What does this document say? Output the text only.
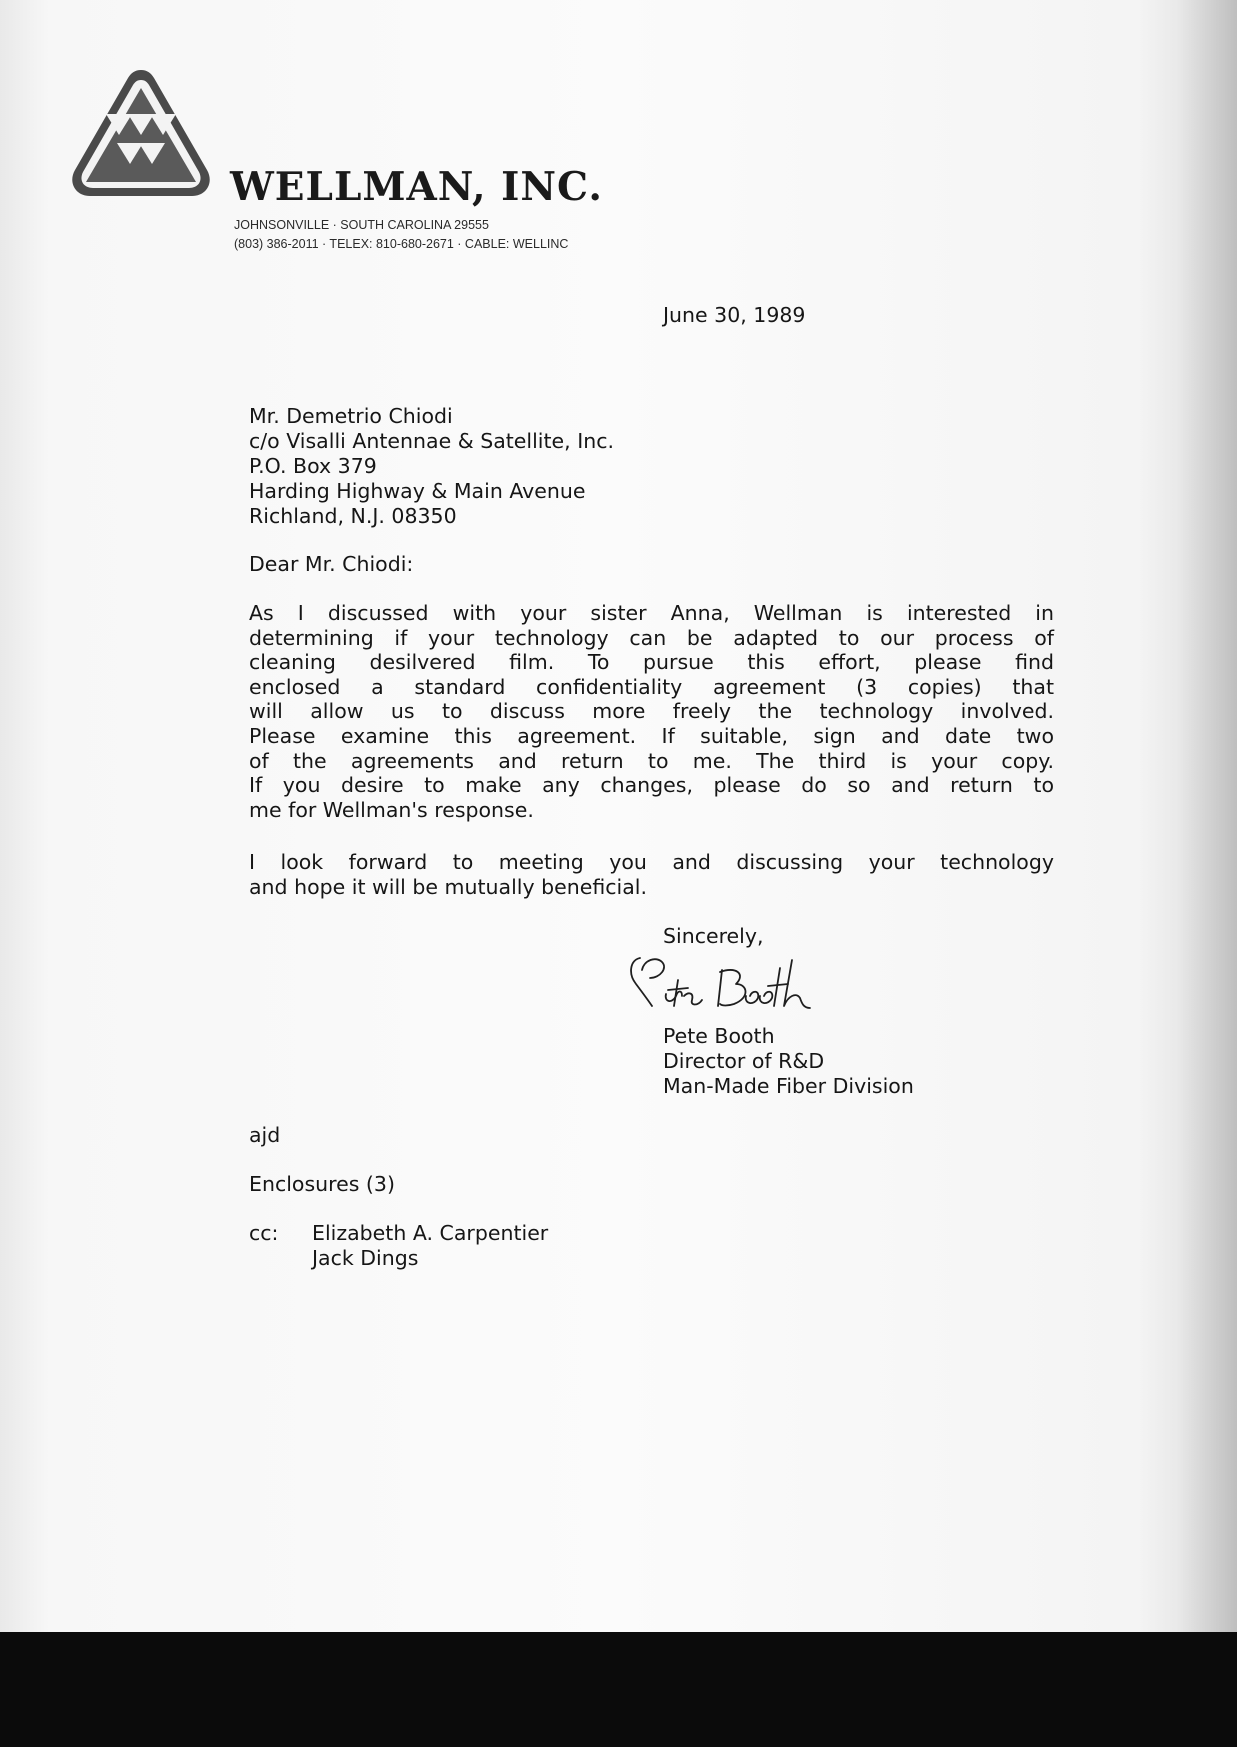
WELLMAN, INC.
JOHNSONVILLE · SOUTH CAROLINA 29555
(803) 386-2011 · TELEX: 810-680-2671 · CABLE: WELLINC
June 30, 1989
Mr. Demetrio Chiodi
c/o Visalli Antennae & Satellite, Inc.
P.O. Box 379
Harding Highway & Main Avenue
Richland, N.J. 08350
Dear Mr. Chiodi:
As I discussed with your sister Anna, Wellman is interested in
determining if your technology can be adapted to our process of
cleaning desilvered film. To pursue this effort, please find
enclosed a standard confidentiality agreement (3 copies) that
will allow us to discuss more freely the technology involved.
Please examine this agreement. If suitable, sign and date two
of the agreements and return to me. The third is your copy.
If you desire to make any changes, please do so and return to
me for Wellman's response.
I look forward to meeting you and discussing your technology
and hope it will be mutually beneficial.
Sincerely,
Pete Booth
Director of R&D
Man-Made Fiber Division
ajd
Enclosures (3)
cc: Elizabeth A. Carpentier
Jack Dings
